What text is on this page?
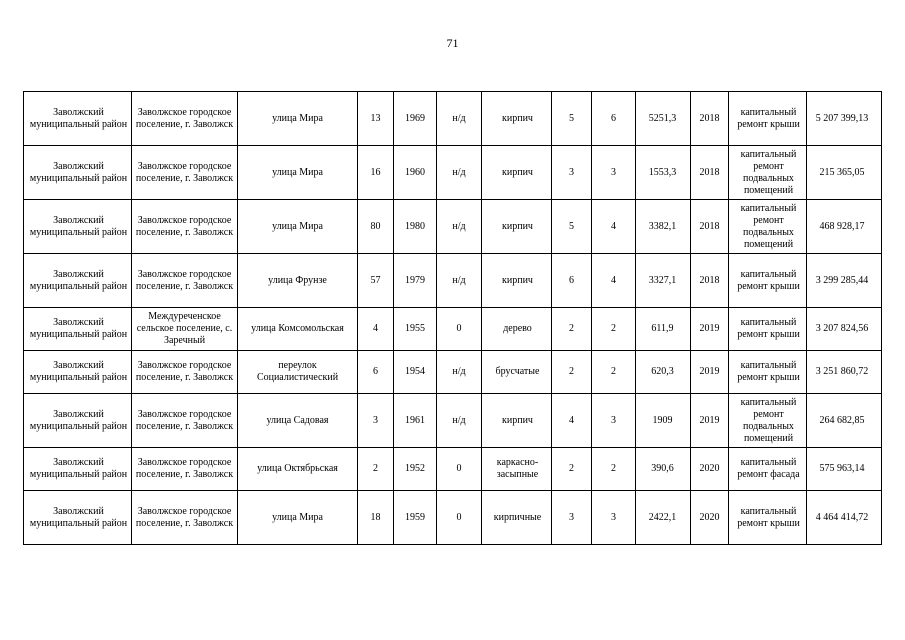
71
Заволжский муниципальный район	Заволжское городское поселение, г. Заволжск	улица Мира	13	1969	н/д	кирпич	5	6	5251,3	2018	капитальный ремонт крыши	5 207 399,13
Заволжский муниципальный район	Заволжское городское поселение, г. Заволжск	улица Мира	16	1960	н/д	кирпич	3	3	1553,3	2018	капитальный ремонт подвальных помещений	215 365,05
Заволжский муниципальный район	Заволжское городское поселение, г. Заволжск	улица Мира	80	1980	н/д	кирпич	5	4	3382,1	2018	капитальный ремонт подвальных помещений	468 928,17
Заволжский муниципальный район	Заволжское городское поселение, г. Заволжск	улица Фрунзе	57	1979	н/д	кирпич	6	4	3327,1	2018	капитальный ремонт крыши	3 299 285,44
Заволжский муниципальный район	Междуреченское сельское поселение, с. Заречный	улица Комсомольская	4	1955	0	дерево	2	2	611,9	2019	капитальный ремонт крыши	3 207 824,56
Заволжский муниципальный район	Заволжское городское поселение, г. Заволжск	переулок Социалистический	6	1954	н/д	брусчатые	2	2	620,3	2019	капитальный ремонт крыши	3 251 860,72
Заволжский муниципальный район	Заволжское городское поселение, г. Заволжск	улица Садовая	3	1961	н/д	кирпич	4	3	1909	2019	капитальный ремонт подвальных помещений	264 682,85
Заволжский муниципальный район	Заволжское городское поселение, г. Заволжск	улица Октябрьская	2	1952	0	каркасно-засыпные	2	2	390,6	2020	капитальный ремонт фасада	575 963,14
Заволжский муниципальный район	Заволжское городское поселение, г. Заволжск	улица Мира	18	1959	0	кирпичные	3	3	2422,1	2020	капитальный ремонт крыши	4 464 414,72
